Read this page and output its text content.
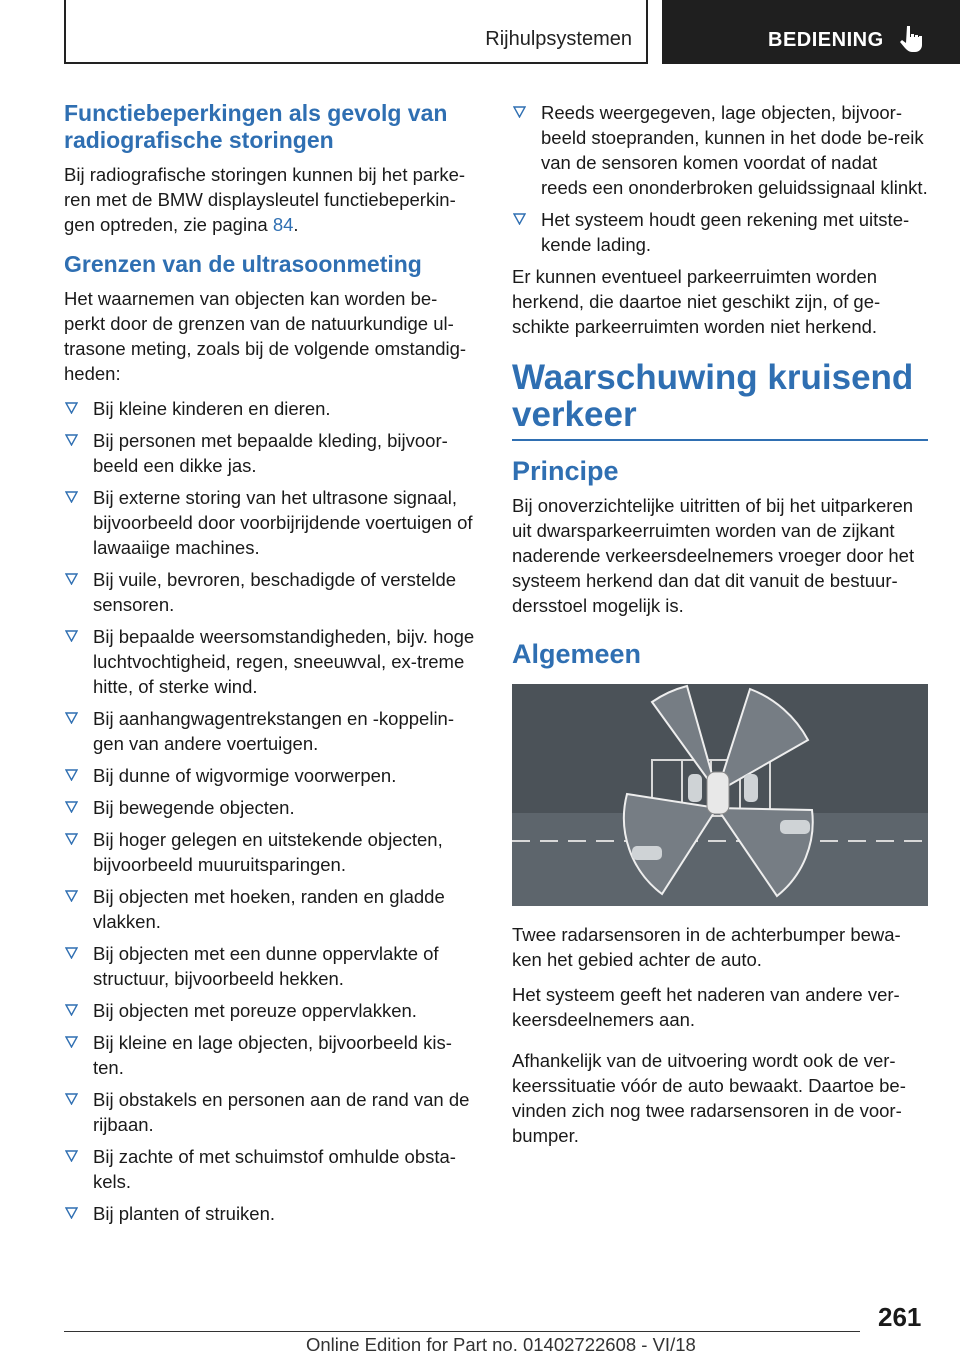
Rijhulpsystemen	BEDIENING
Functiebeperkingen als gevolg van radiografische storingen

Bij radiografische storingen kunnen bij het parke-ren met de BMW displaysleutel functiebeperkin-gen optreden, zie pagina 84.

Grenzen van de ultrasoonmeting

Het waarnemen van objecten kan worden be-perkt door de grenzen van de natuurkundige ul-trasone meting, zoals bij de volgende omstandig-heden:

Bij kleine kinderen en dieren.
Bij personen met bepaalde kleding, bijvoor-beeld een dikke jas.
Bij externe storing van het ultrasone signaal, bijvoorbeeld door voorbijrijdende voertuigen of lawaaiige machines.
Bij vuile, bevroren, beschadigde of verstelde sensoren.
Bij bepaalde weersomstandigheden, bijv. hoge luchtvochtigheid, regen, sneeuwval, ex-treme hitte, of sterke wind.
Bij aanhangwagentrekstangen en -koppelin-gen van andere voertuigen.
Bij dunne of wigvormige voorwerpen.
Bij bewegende objecten.
Bij hoger gelegen en uitstekende objecten, bijvoorbeeld muuruitsparingen.
Bij objecten met hoeken, randen en gladde vlakken.
Bij objecten met een dunne oppervlakte of structuur, bijvoorbeeld hekken.
Bij objecten met poreuze oppervlakken.
Bij kleine en lage objecten, bijvoorbeeld kis-ten.
Bij obstakels en personen aan de rand van de rijbaan.
Bij zachte of met schuimstof omhulde obsta-kels.
Bij planten of struiken.
Reeds weergegeven, lage objecten, bijvoor-beeld stoepranden, kunnen in het dode be-reik van de sensoren komen voordat of nadat reeds een ononderbroken geluidssignaal klinkt.
Het systeem houdt geen rekening met uitste-kende lading.

Er kunnen eventueel parkeerruimten worden herkend, die daartoe niet geschikt zijn, of ge-schikte parkeerruimten worden niet herkend.

Waarschuwing kruisend verkeer
Principe

Bij onoverzichtelijke uitritten of bij het uitparkeren uit dwarsparkeerruimten worden van de zijkant naderende verkeersdeelnemers vroeger door het systeem herkend dan dat dit vanuit de bestuur-dersstoel mogelijk is.

Algemeen

Twee radarsensoren in de achterbumper bewa-ken het gebied achter de auto.

Het systeem geeft het naderen van andere ver-keersdeelnemers aan.

Afhankelijk van de uitvoering wordt ook de ver-keerssituatie vóór de auto bewaakt. Daartoe be-vinden zich nog twee radarsensoren in de voor-bumper.

261
Online Edition for Part no. 01402722608 - VI/18
